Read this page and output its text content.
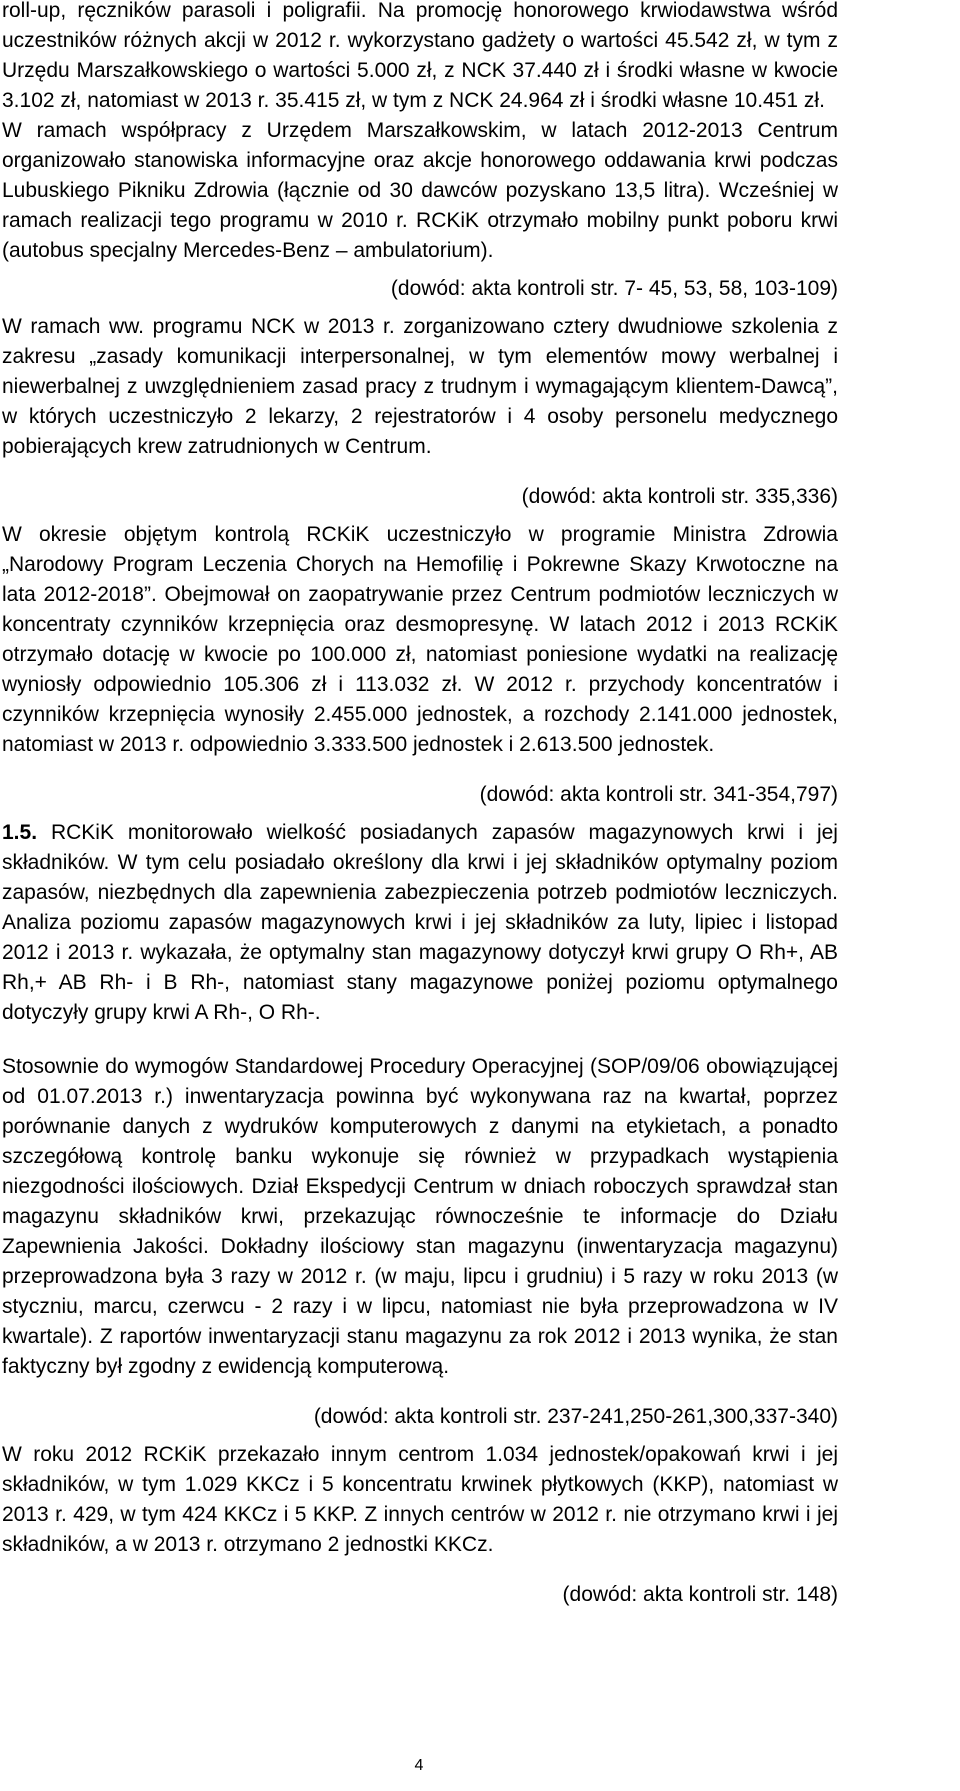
roll-up, ręczników parasoli i poligrafii. Na promocję honorowego krwiodawstwa wśród uczestników różnych akcji w 2012 r. wykorzystano gadżety o wartości 45.542 zł, w tym z Urzędu Marszałkowskiego o wartości 5.000 zł, z NCK 37.440 zł i środki własne w kwocie 3.102 zł, natomiast w 2013 r. 35.415 zł, w tym z NCK 24.964 zł i środki własne 10.451 zł.

W ramach współpracy z Urzędem Marszałkowskim, w latach 2012-2013 Centrum organizowało stanowiska informacyjne oraz akcje honorowego oddawania krwi podczas Lubuskiego Pikniku Zdrowia (łącznie od 30 dawców pozyskano 13,5 litra). Wcześniej w ramach realizacji tego programu w 2010 r. RCKiK otrzymało mobilny punkt poboru krwi (autobus specjalny Mercedes-Benz – ambulatorium).

(dowód: akta kontroli str. 7- 45, 53, 58, 103-109)

W ramach ww. programu NCK w 2013 r. zorganizowano cztery dwudniowe szkolenia z zakresu „zasady komunikacji interpersonalnej, w tym elementów mowy werbalnej i niewerbalnej z uwzględnieniem zasad pracy z trudnym i wymagającym klientem-Dawcą”, w których uczestniczyło 2 lekarzy, 2 rejestratorów i 4 osoby personelu medycznego pobierających krew zatrudnionych w Centrum.

(dowód: akta kontroli str. 335,336)

W okresie objętym kontrolą RCKiK uczestniczyło w programie Ministra Zdrowia „Narodowy Program Leczenia Chorych na Hemofilię i Pokrewne Skazy Krwotoczne na lata 2012-2018”. Obejmował on zaopatrywanie przez Centrum podmiotów leczniczych w koncentraty czynników krzepnięcia oraz desmopresynę. W latach 2012 i 2013 RCKiK otrzymało dotację w kwocie po 100.000 zł, natomiast poniesione wydatki na realizację wyniosły odpowiednio 105.306 zł i 113.032 zł. W 2012 r. przychody koncentratów i czynników krzepnięcia wynosiły 2.455.000 jednostek, a rozchody 2.141.000 jednostek, natomiast w 2013 r. odpowiednio 3.333.500 jednostek i 2.613.500 jednostek.

(dowód: akta kontroli str. 341-354,797)

1.5. RCKiK monitorowało wielkość posiadanych zapasów magazynowych krwi i jej składników. W tym celu posiadało określony dla krwi i jej składników optymalny poziom zapasów, niezbędnych dla zapewnienia zabezpieczenia potrzeb podmiotów leczniczych. Analiza poziomu zapasów magazynowych krwi i jej składników za luty, lipiec i listopad 2012 i 2013 r. wykazała, że optymalny stan magazynowy dotyczył krwi grupy O Rh+, AB Rh,+ AB Rh- i B Rh-, natomiast stany magazynowe poniżej poziomu optymalnego dotyczyły grupy krwi A Rh-, O Rh-.

Stosownie do wymogów Standardowej Procedury Operacyjnej (SOP/09/06 obowiązującej od 01.07.2013 r.) inwentaryzacja powinna być wykonywana raz na kwartał, poprzez porównanie danych z wydruków komputerowych z danymi na etykietach, a ponadto szczegółową kontrolę banku wykonuje się również w przypadkach wystąpienia niezgodności ilościowych. Dział Ekspedycji Centrum w dniach roboczych sprawdzał stan magazynu składników krwi, przekazując równocześnie te informacje do Działu Zapewnienia Jakości. Dokładny ilościowy stan magazynu (inwentaryzacja magazynu) przeprowadzona była 3 razy w 2012 r. (w maju, lipcu i grudniu) i 5 razy w roku 2013 (w styczniu, marcu, czerwcu - 2 razy i w lipcu, natomiast nie była przeprowadzona w IV kwartale). Z raportów inwentaryzacji stanu magazynu za rok 2012 i 2013 wynika, że stan faktyczny był zgodny z ewidencją komputerową.

(dowód: akta kontroli str. 237-241,250-261,300,337-340)

W roku 2012 RCKiK przekazało innym centrom 1.034 jednostek/opakowań krwi i jej składników, w tym 1.029 KKCz i 5 koncentratu krwinek płytkowych (KKP), natomiast w 2013 r. 429, w tym 424 KKCz i 5 KKP. Z innych centrów w 2012 r. nie otrzymano krwi i jej składników, a w 2013 r. otrzymano 2 jednostki KKCz.

(dowód: akta kontroli str. 148)

4
